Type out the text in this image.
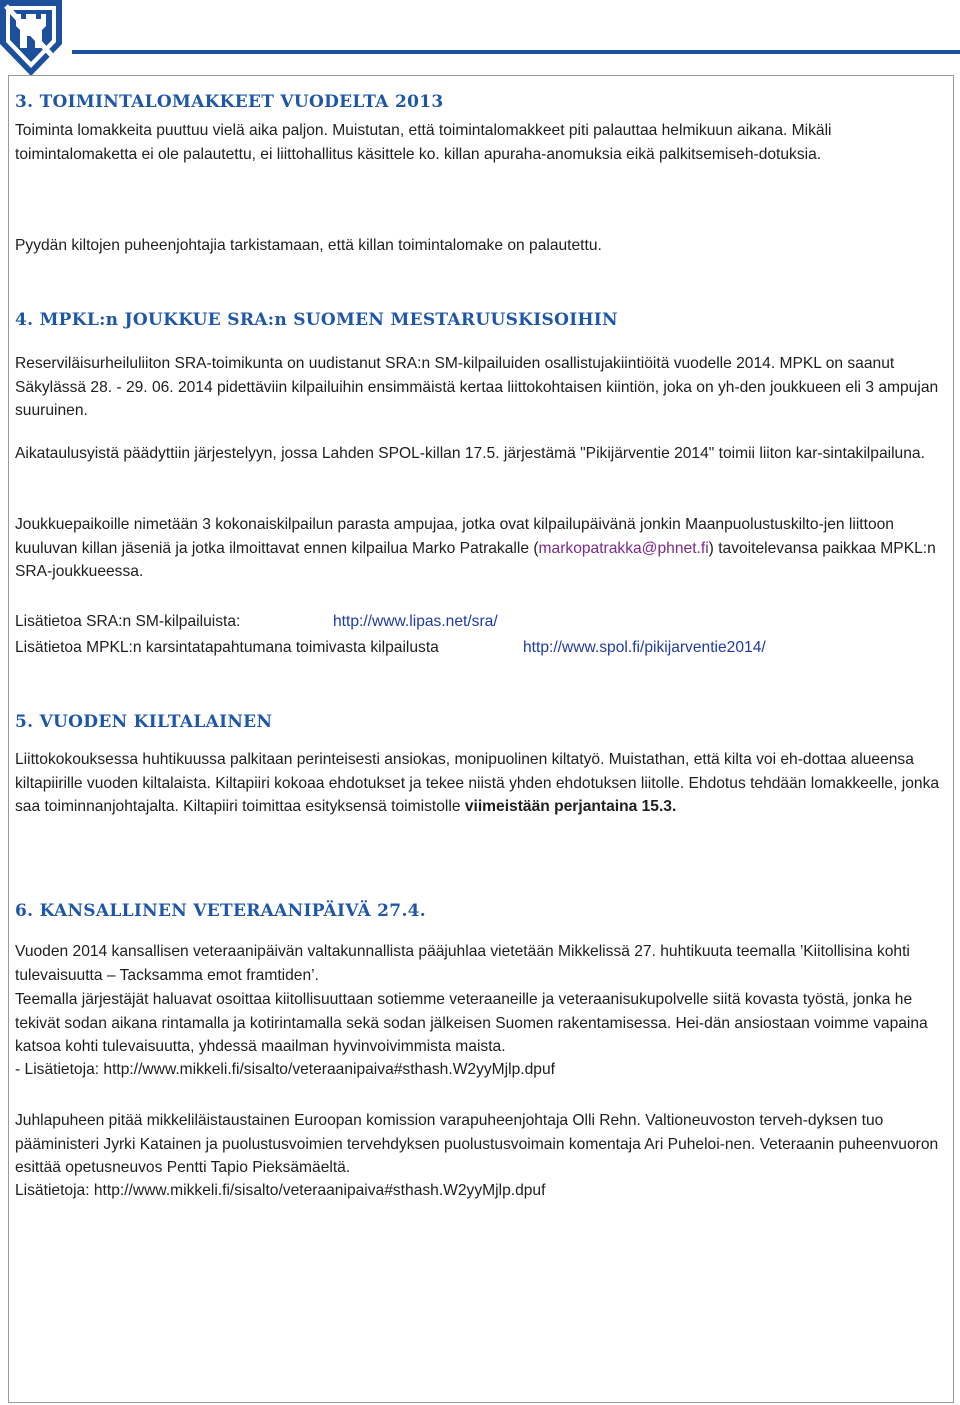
3. TOIMINTALOMAKKEET VUODELTA 2013

Toiminta lomakkeita puuttuu vielä aika paljon. Muistutan, että toimintalomakkeet piti palauttaa helmikuun aikana. Mikäli toimintalomaketta ei ole palautettu, ei liittohallitus käsittele ko. killan apuraha-anomuksia eikä palkitsemiseh-dotuksia.

Pyydän kiltojen puheenjohtajia tarkistamaan, että killan toimintalomake on palautettu.

4. MPKL:n JOUKKUE SRA:n SUOMEN MESTARUUSKISOIHIN

Reserviläisurheiluliiton SRA-toimikunta on uudistanut SRA:n SM-kilpailuiden osallistujakiintiöitä vuodelle 2014. MPKL on saanut Säkylässä 28. - 29. 06. 2014 pidettäviin kilpailuihin ensimmäistä kertaa liittokohtaisen kiintiön, joka on yh-den joukkueen eli 3 ampujan suuruinen.

Aikataulusyistä päädyttiin järjestelyyn, jossa Lahden SPOL-killan 17.5. järjestämä "Pikijärventie 2014" toimii liiton kar-sintakilpailuna.

Joukkuepaikoille nimetään 3 kokonaiskilpailun parasta ampujaa, jotka ovat kilpailupäivänä jonkin Maanpuolustuskilto-jen liittoon kuuluvan killan jäseniä ja jotka ilmoittavat ennen kilpailua Marko Patrakalle (markopatrakka@phnet.fi) tavoitelevansa paikkaa MPKL:n SRA-joukkueessa.

Lisätietoa SRA:n SM-kilpailuista:	http://www.lipas.net/sra/

Lisätietoa MPKL:n karsintatapahtumana toimivasta kilpailusta	http://www.spol.fi/pikijarventie2014/

5. VUODEN KILTALAINEN

Liittokokouksessa huhtikuussa palkitaan perinteisesti ansiokas, monipuolinen kiltatyö. Muistathan, että kilta voi eh-dottaa alueensa kiltapiirille vuoden kiltalaista. Kiltapiiri kokoaa ehdotukset ja tekee niistä yhden ehdotuksen liitolle. Ehdotus tehdään lomakkeelle, jonka saa toiminnanjohtajalta. Kiltapiiri toimittaa esityksensä toimistolle viimeistään perjantaina 15.3.

6. KANSALLINEN VETERAANIPÄIVÄ 27.4.

Vuoden 2014 kansallisen veteraanipäivän valtakunnallista pääjuhlaa vietetään Mikkelissä 27. huhtikuuta teemalla ’Kiitollisina kohti tulevaisuutta – Tacksamma emot framtiden’.

Teemalla järjestäjät haluavat osoittaa kiitollisuuttaan sotiemme veteraaneille ja veteraanisukupolvelle siitä kovasta työstä, jonka he tekivät sodan aikana rintamalla ja kotirintamalla sekä sodan jälkeisen Suomen rakentamisessa. Hei-dän ansiostaan voimme vapaina katsoa kohti tulevaisuutta, yhdessä maailman hyvinvoivimmista maista.

- Lisätietoja: http://www.mikkeli.fi/sisalto/veteraanipaiva#sthash.W2yyMjlp.dpuf

Juhlapuheen pitää mikkeliläistaustainen Euroopan komission varapuheenjohtaja Olli Rehn. Valtioneuvoston terveh-dyksen tuo pääministeri Jyrki Katainen ja puolustusvoimien tervehdyksen puolustusvoimain komentaja Ari Puheloi-nen. Veteraanin puheenvuoron esittää opetusneuvos Pentti Tapio Pieksämäeltä.

Lisätietoja: http://www.mikkeli.fi/sisalto/veteraanipaiva#sthash.W2yyMjlp.dpuf
